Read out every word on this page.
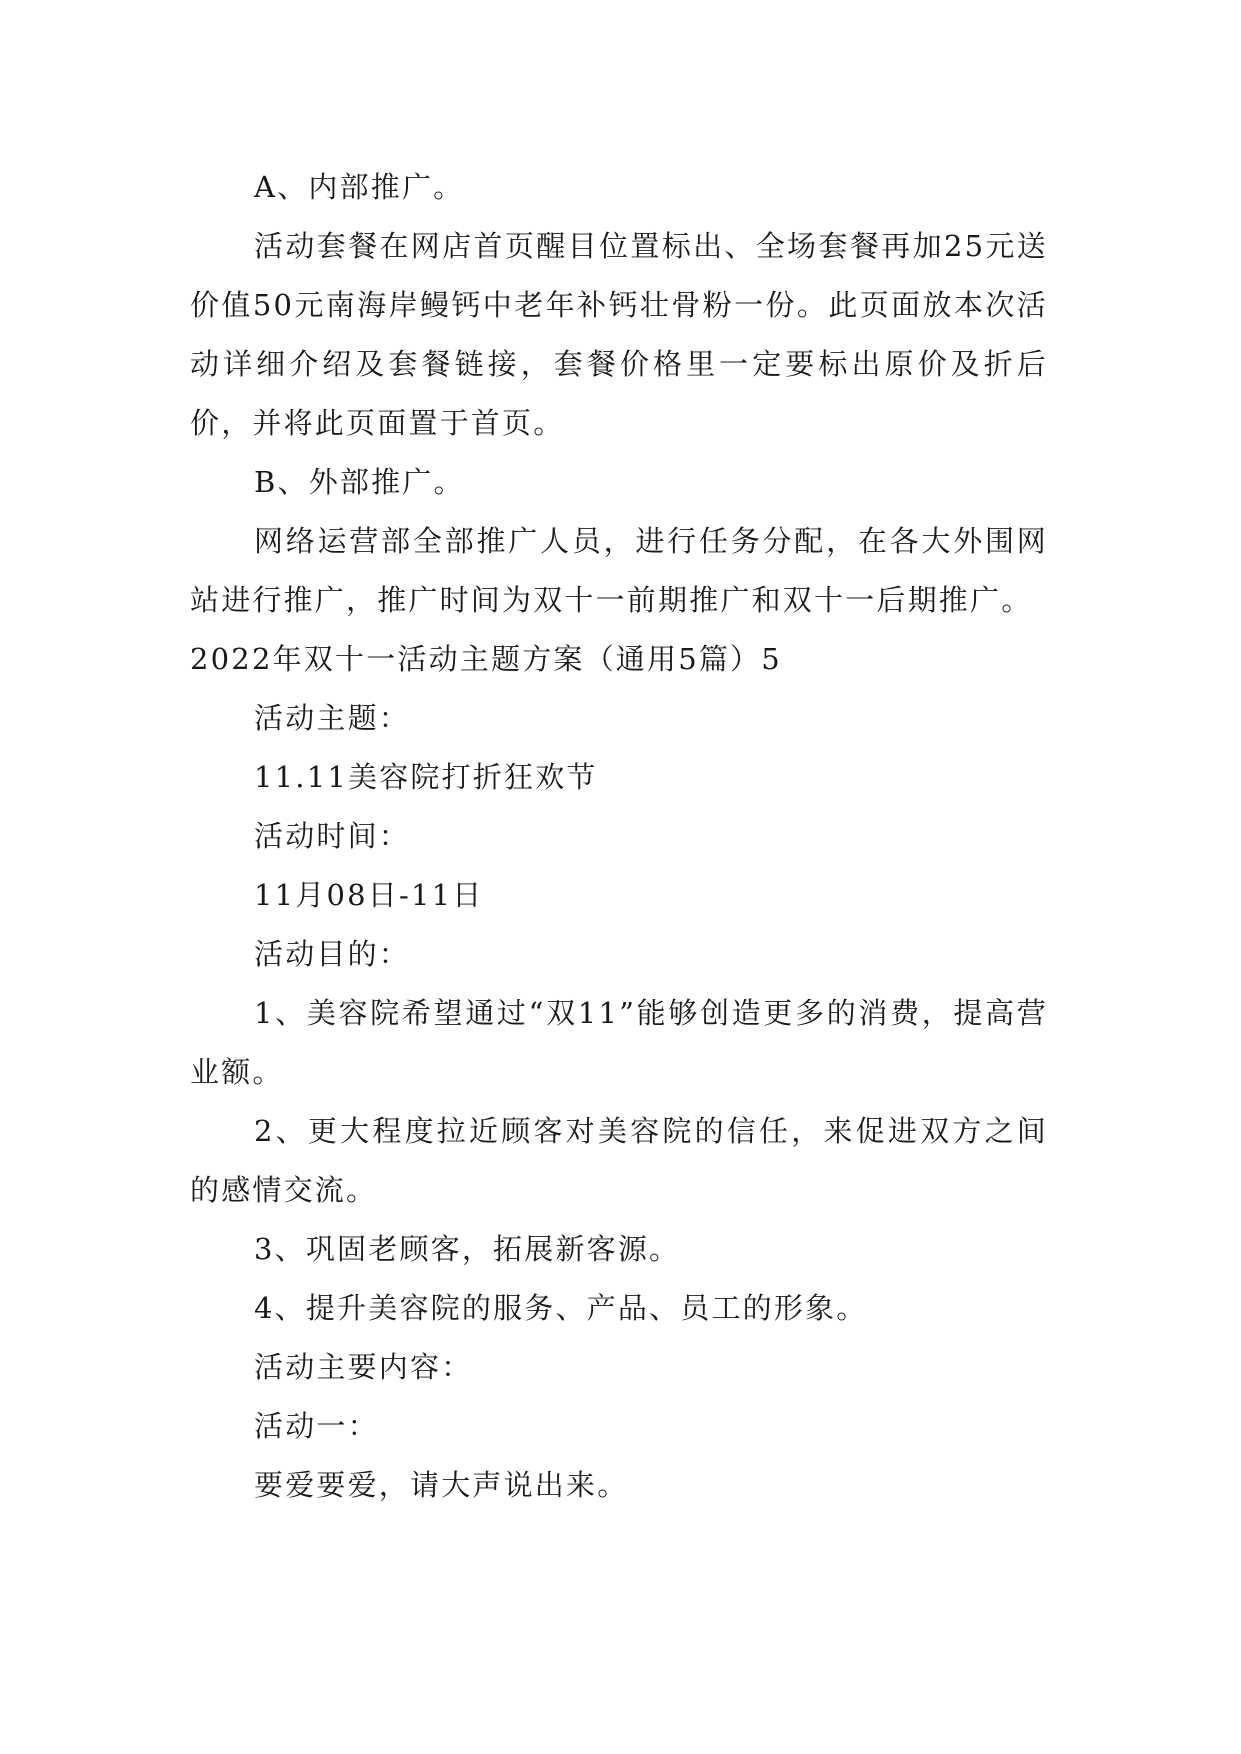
A、内部推广。

活动套餐在网店首页醒目位置标出、全场套餐再加25元送价值50元南海岸鳗钙中老年补钙壮骨粉一份。此页面放本次活动详细介绍及套餐链接，套餐价格里一定要标出原价及折后价，并将此页面置于首页。

B、外部推广。

网络运营部全部推广人员，进行任务分配，在各大外围网站进行推广，推广时间为双十一前期推广和双十一后期推广。

2022年双十一活动主题方案（通用5篇）5

活动主题：

11.11美容院打折狂欢节

活动时间：

11月08日-11日

活动目的：

1、美容院希望通过“双11”能够创造更多的消费，提高营业额。

2、更大程度拉近顾客对美容院的信任，来促进双方之间的感情交流。

3、巩固老顾客，拓展新客源。

4、提升美容院的服务、产品、员工的形象。

活动主要内容：

活动一：

要爱要爱，请大声说出来。
